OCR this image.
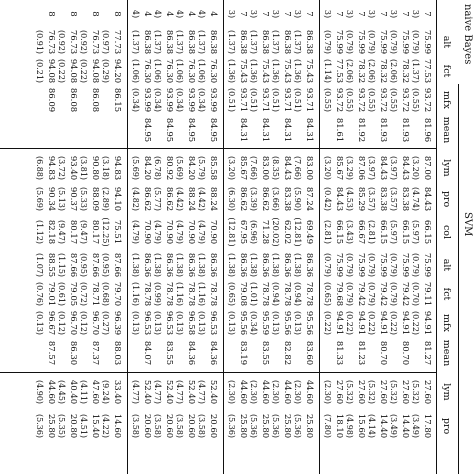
naive Bayes
SVM
alt
fct
mfx
mean
lym
pro
col
alt
fct
mfx
mean
lym
pro
7
75.99
77.53
93.72
81.96
87.00
84.43
66.15
75.99
79.11
94.91
81.27
27.60
17.80
3)
(0.79)
(1.37)
(0.55)
(3.20)
(4.74)
(5.97)
(0.79)
(0.70)
(0.22)
(5.32)
(3.49)
7
75.99
78.32
93.72
81.93
84.43
83.38
66.15
75.99
79.42
94.91
80.70
27.60
14.40
3)
(0.79)
(2.06)
(0.55)
(3.97)
(3.57)
(5.97)
(0.79)
(0.79)
(0.22)
(5.32)
(3.49)
7
75.99
78.32
93.72
81.93
84.43
83.38
66.15
75.99
79.42
94.91
80.70
27.60
14.40
3)
(0.79)
(2.06)
(0.55)
(3.97)
(3.57)
(2.81)
(0.79)
(0.79)
(0.22)
(5.32)
(4.14)
7
75.99
78.32
93.72
81.92
87.06
85.29
66.67
75.99
79.42
94.91
81.23
27.60
15.60
3)
(0.79)
(2.06)
(0.55)
(3.29)
(4.53)
(3.43)
(0.79)
(0.79)
(0.22)
(5.32)
(4.98)
7
75.99
77.53
93.72
81.61
85.67
84.43
66.15
75.99
79.68
94.91
81.33
27.60
18.10
3)
(0.79)
(1.14)
(0.55)
(3.20)
(0.42)
(2.81)
(0.79)
(0.65)
(0.22)
(2.30)
(7.80)
7
86.38
75.43
93.71
84.31
83.00
87.24
69.49
86.36
78.78
95.56
83.60
44.60
25.80
3)
(1.37)
(1.36)
(0.51)
(7.66)
(5.90)
(12.81)
(1.38)
(0.94)
(0.13)
(2.30)
(5.36)
7
86.38
75.43
93.71
84.31
84.43
83.38
62.02
86.36
78.78
95.56
82.82
44.60
25.80
3)
(1.37)
(1.36)
(0.51)
(8.35)
(3.66)
(20.02)
(1.38)
(0.94)
(0.13)
(2.30)
(5.36)
7
86.38
75.43
93.71
84.31
83.00
86.62
71.28
86.36
78.78
95.59
83.55
44.60
25.80
3)
(1.37)
(1.36)
(0.51)
(7.66)
(3.39)
(6.96)
(1.38)
(1.01)
(0.34)
(2.30)
(5.36)
7
86.38
75.43
93.71
84.31
85.67
86.62
67.95
86.36
79.08
95.56
83.19
44.60
25.80
3)
(1.37)
(1.36)
(0.51)
(3.20)
(6.30)
(12.81)
(1.38)
(0.65)
(0.13)
(2.30)
(5.36)
4
86.38
76.30
93.99
84.95
85.58
88.24
70.90
86.36
78.78
96.53
84.36
52.40
20.60
4)
(1.37)
(1.06)
(0.34)
(5.79)
(4.42)
(4.79)
(1.38)
(1.16)
(0.13)
(4.77)
(3.58)
4
86.38
76.30
93.99
84.95
84.20
88.24
70.90
86.36
78.78
96.58
84.36
52.40
20.60
4)
(1.37)
(1.06)
(0.34)
(5.69)
(4.42)
(4.79)
(1.38)
(1.16)
(0.13)
(4.77)
(3.58)
4
86.38
76.30
93.99
84.95
80.92
86.62
70.90
86.36
78.78
96.53
83.55
52.40
20.60
4)
(1.37)
(1.06)
(0.34)
(6.78)
(5.77)
(4.79)
(1.38)
(0.99)
(0.13)
(4.77)
(3.58)
4
86.38
76.30
93.99
84.95
84.20
86.62
70.90
86.36
78.78
96.53
84.07
52.40
20.60
4)
(1.37)
(1.06)
(0.34)
(5.69)
(4.82)
(4.79)
(1.38)
(1.16)
(0.13)
(4.77)
(3.58)
8
77.73
94.20
86.15
94.83
94.10
75.51
87.66
79.70
96.39
88.03
33.40
14.60
(0.97)
(0.29)
(3.18)
(2.89)
(12.25)
(0.95)
(0.68)
(0.27)
(9.24)
(4.22)
8
76.73
94.08
86.08
90.80
88.09
80.17
87.66
78.71
96.70
87.37
47.60
15.40
(0.92)
(0.22)
(3.81)
(5.33)
(9.47)
(0.95)
(0.72)
(0.12)
(4.11)
(4.51)
8
76.73
94.08
86.08
93.40
90.37
80.17
87.66
79.05
96.70
86.30
40.40
20.80
(0.92)
(0.22)
(3.72)
(5.13)
(9.47)
(1.15)
(0.61)
(0.12)
(4.45)
(5.35)
8
76.73
94.08
86.09
94.83
90.34
82.18
88.55
79.01
96.67
87.57
44.60
25.80
(0.91)
(0.21)
(6.88)
(5.69)
(1.12)
(1.07)
(0.76)
(0.13)
(4.90)
(5.36)
